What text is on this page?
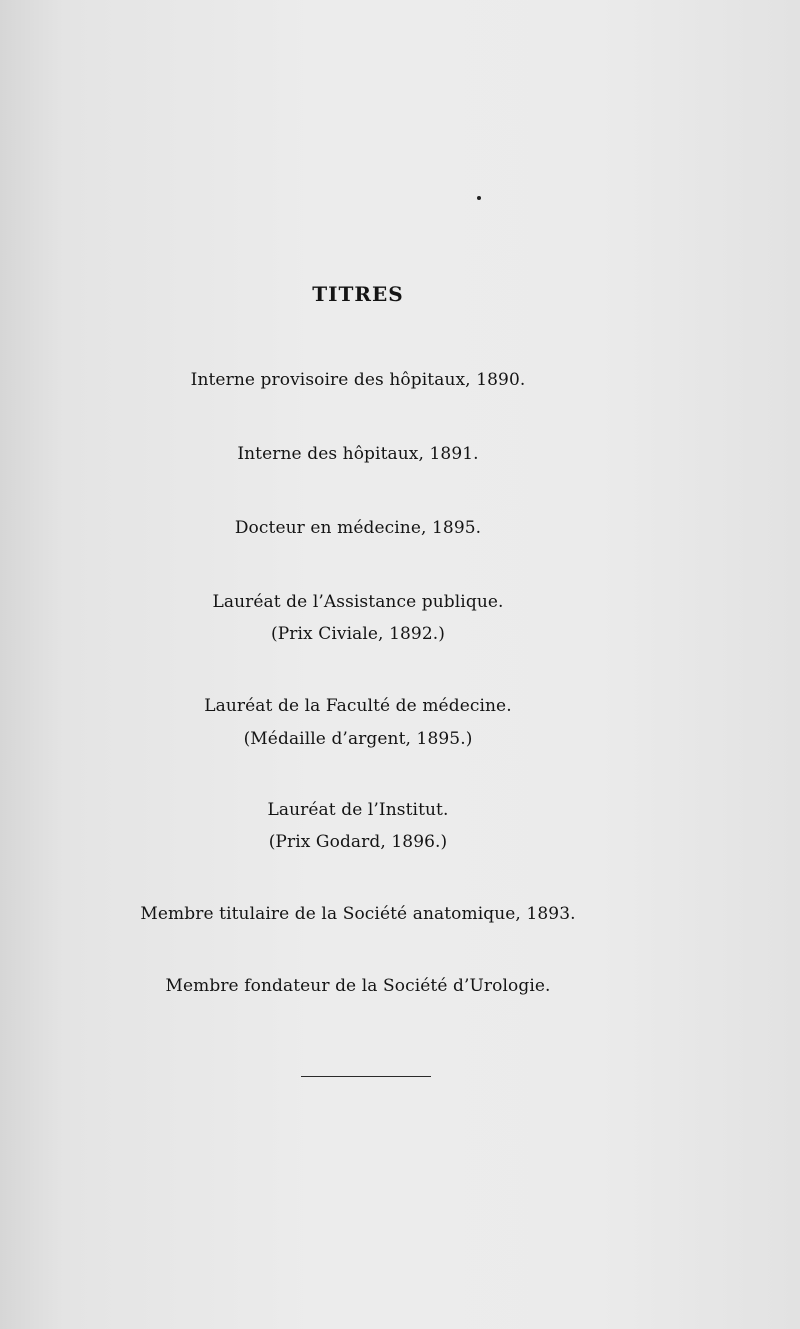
TITRES
Interne provisoire des hôpitaux, 1890.
Interne des hôpitaux, 1891.
Docteur en médecine, 1895.
Lauréat de l’Assistance publique.
(Prix Civiale, 1892.)
Lauréat de la Faculté de médecine.
(Médaille d’argent, 1895.)
Lauréat de l’Institut.
(Prix Godard, 1896.)
Membre titulaire de la Société anatomique, 1893.
Membre fondateur de la Société d’Urologie.
